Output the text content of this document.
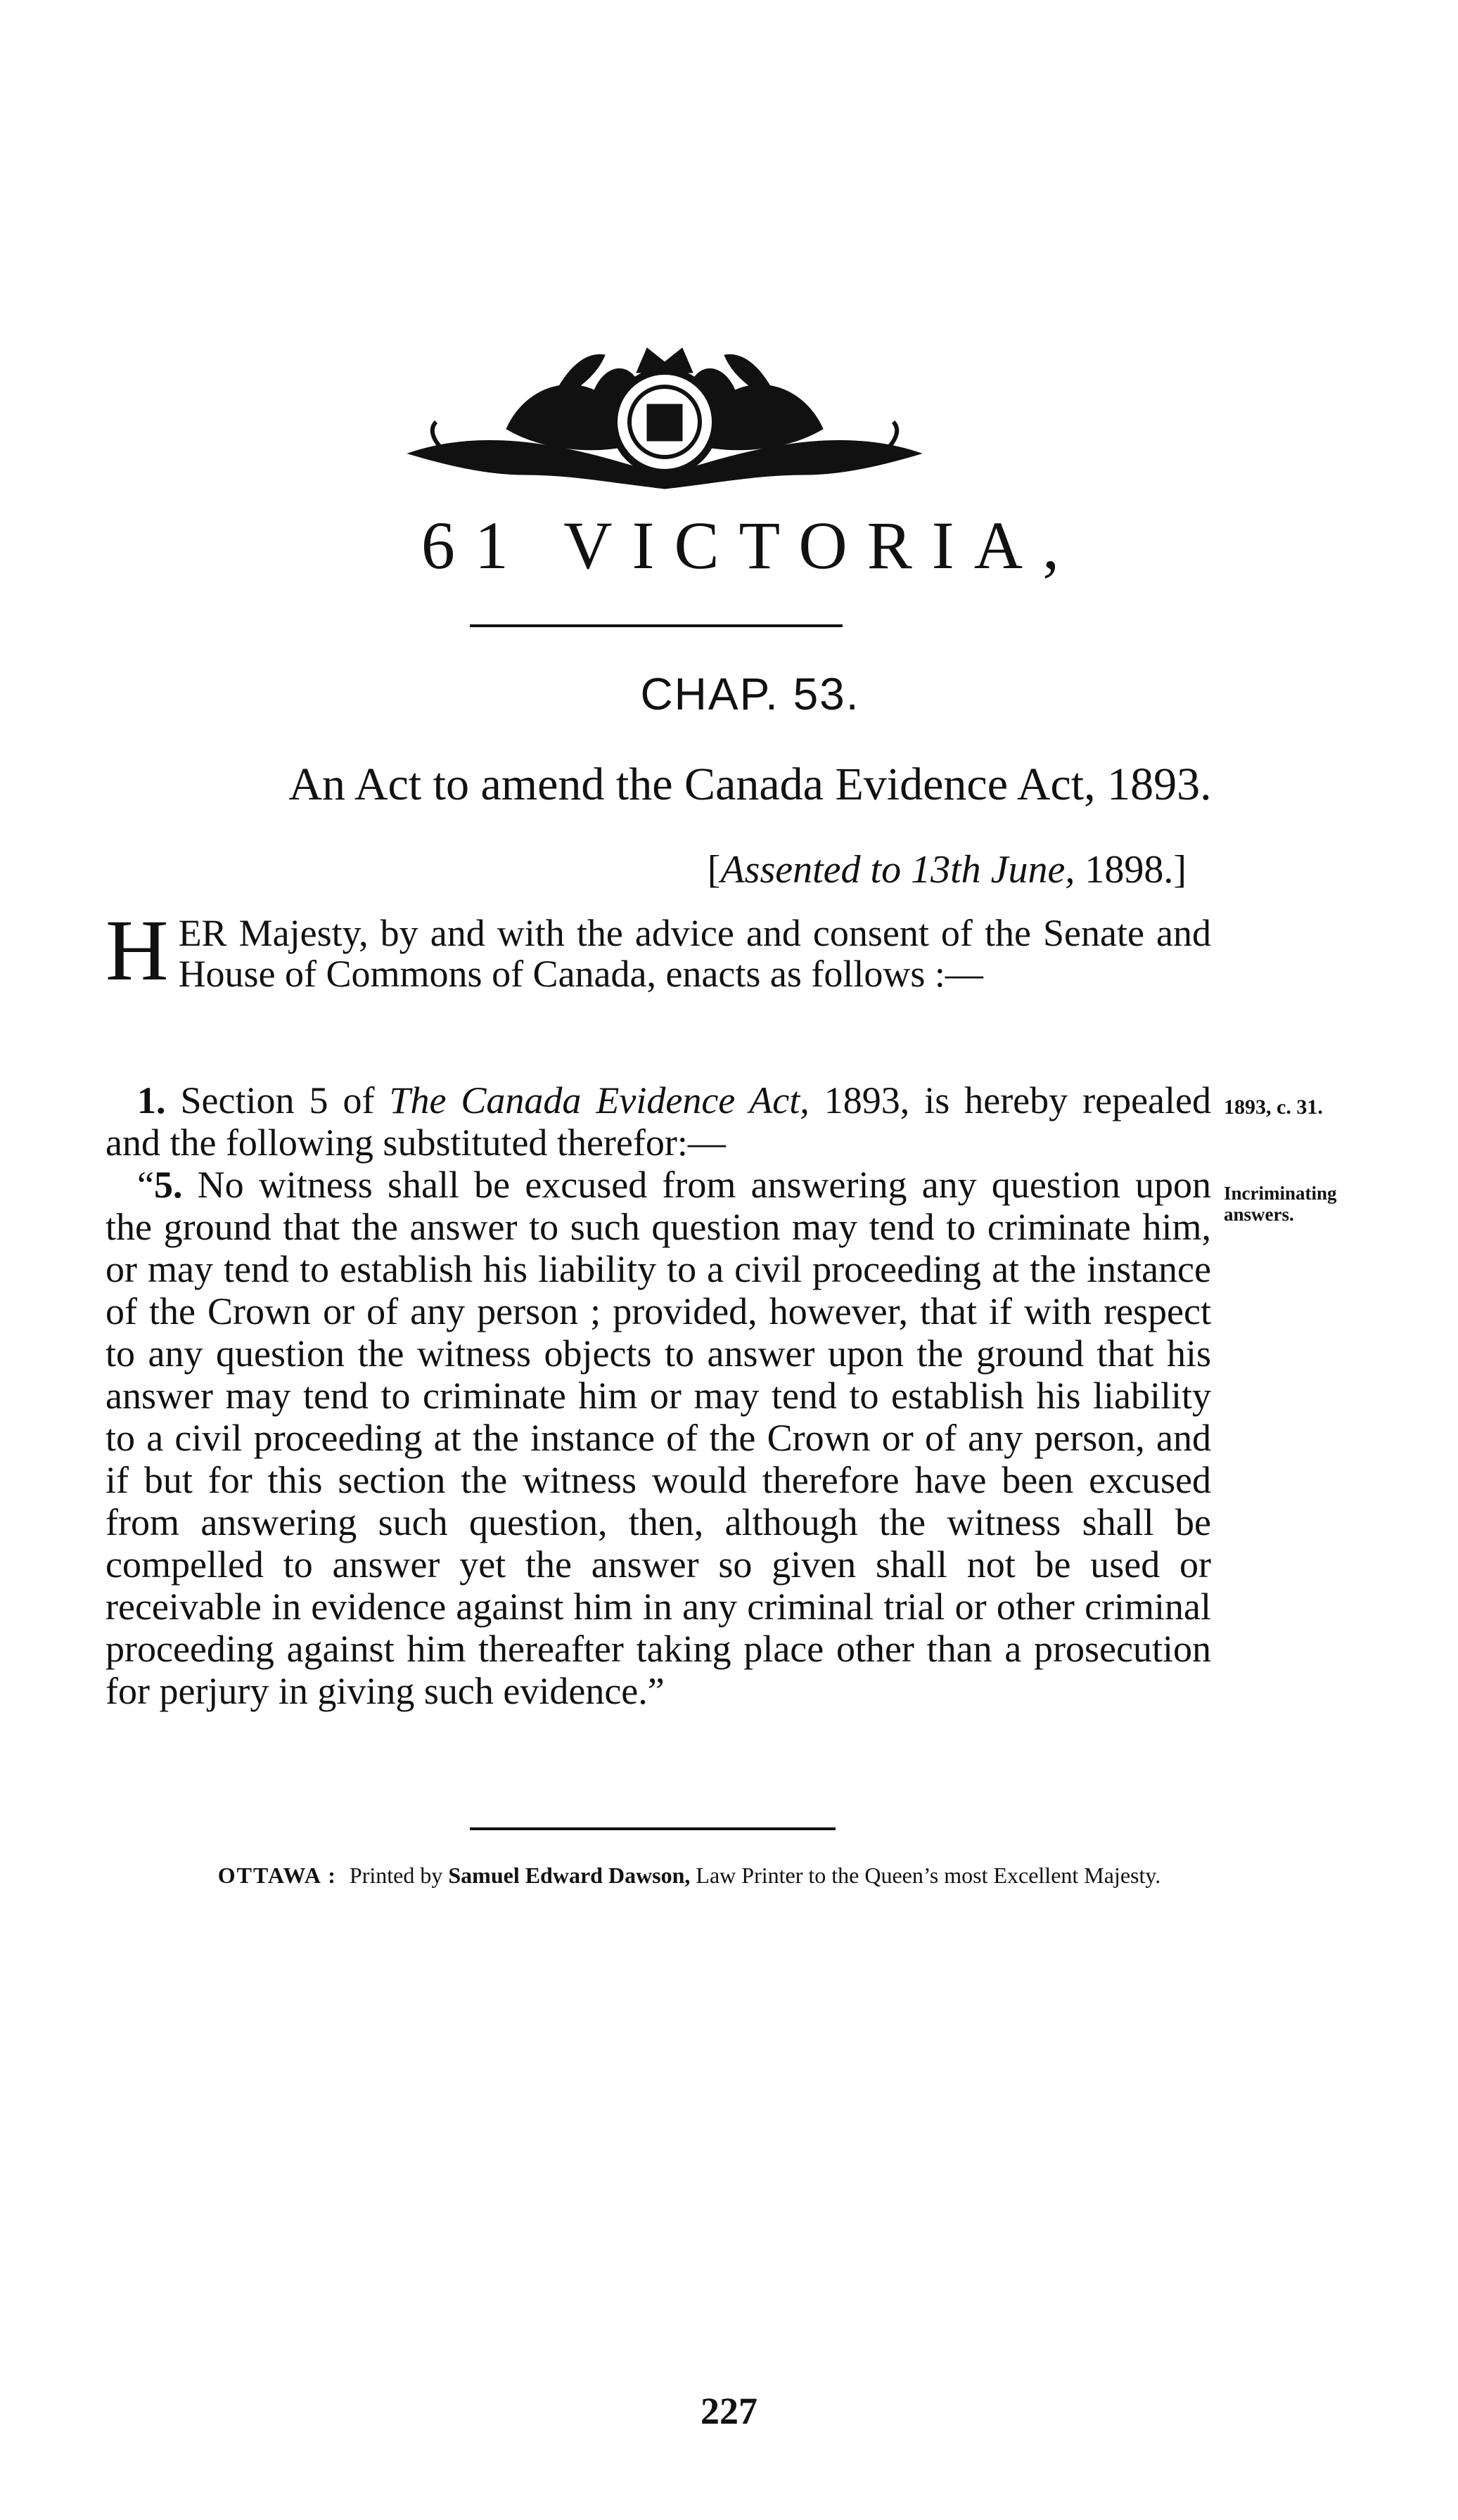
61 VICTORIA,
CHAP. 53.
An Act to amend the Canada Evidence Act, 1893.
[Assented to 13th June, 1898.]
HER Majesty, by and with the advice and consent of the Senate and House of Commons of Canada, enacts as follows :—

1. Section 5 of The Canada Evidence Act, 1893, is hereby repealed and the following substituted therefor:—

“5. No witness shall be excused from answering any question upon the ground that the answer to such question may tend to criminate him, or may tend to establish his liability to a civil proceeding at the instance of the Crown or of any person ; provided, however, that if with respect to any question the witness objects to answer upon the ground that his answer may tend to criminate him or may tend to establish his liability to a civil proceeding at the instance of the Crown or of any person, and if but for this section the witness would therefore have been excused from answering such question, then, although the witness shall be compelled to answer yet the answer so given shall not be used or receivable in evidence against him in any criminal trial or other criminal proceeding against him thereafter taking place other than a prosecution for perjury in giving such evidence.”

1893, c. 31.
Incriminating
answers.
OTTAWA : Printed by Samuel Edward Dawson, Law Printer to the Queen’s most Excellent Majesty.
227
